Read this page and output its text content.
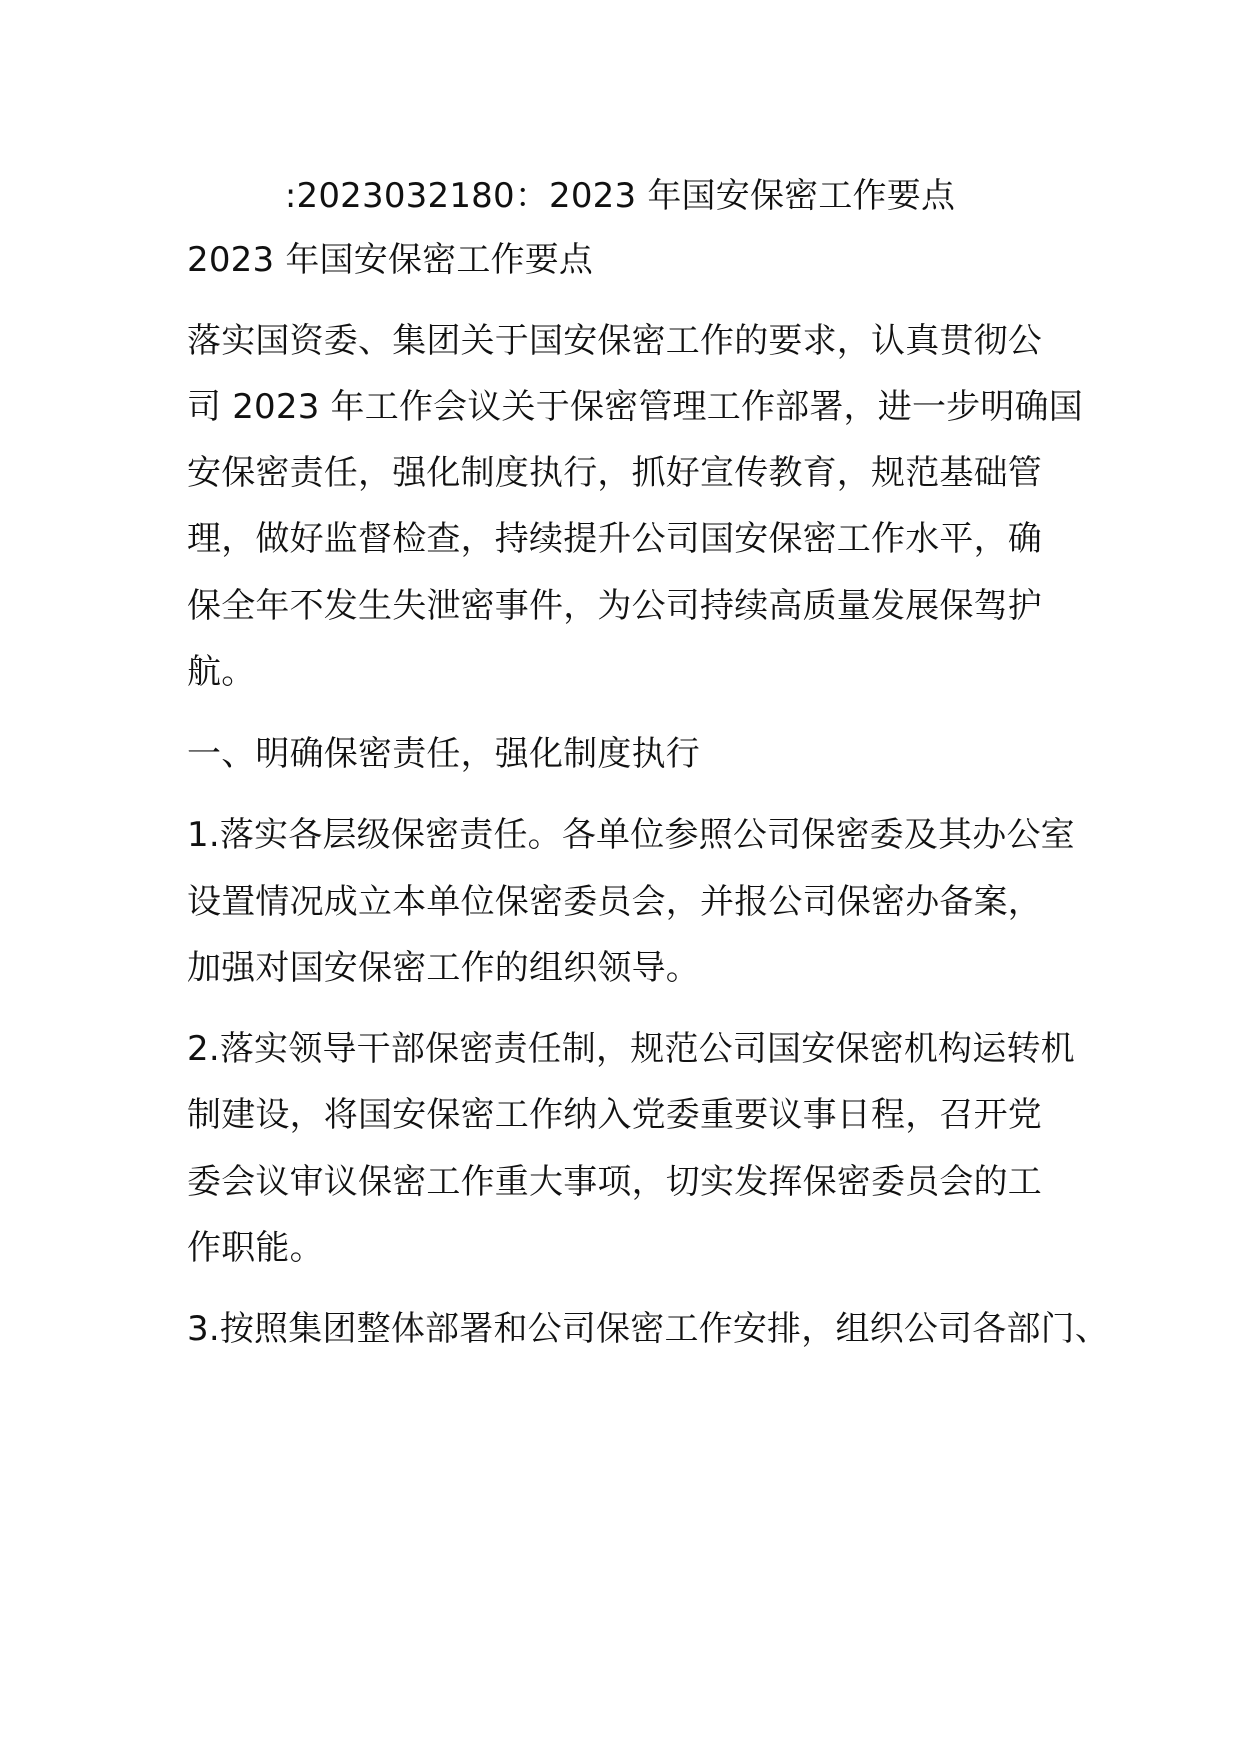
:2023032180：2023 年国安保密工作要点
2023 年国安保密工作要点
落实国资委、集团关于国安保密工作的要求，认真贯彻公
司 2023 年工作会议关于保密管理工作部署，进一步明确国
安保密责任，强化制度执行，抓好宣传教育，规范基础管
理，做好监督检查，持续提升公司国安保密工作水平，确
保全年不发生失泄密事件，为公司持续高质量发展保驾护
航。
一、明确保密责任，强化制度执行
1.落实各层级保密责任。各单位参照公司保密委及其办公室
设置情况成立本单位保密委员会，并报公司保密办备案，
加强对国安保密工作的组织领导。
2.落实领导干部保密责任制，规范公司国安保密机构运转机
制建设，将国安保密工作纳入党委重要议事日程，召开党
委会议审议保密工作重大事项，切实发挥保密委员会的工
作职能。
3.按照集团整体部署和公司保密工作安排，组织公司各部门、
